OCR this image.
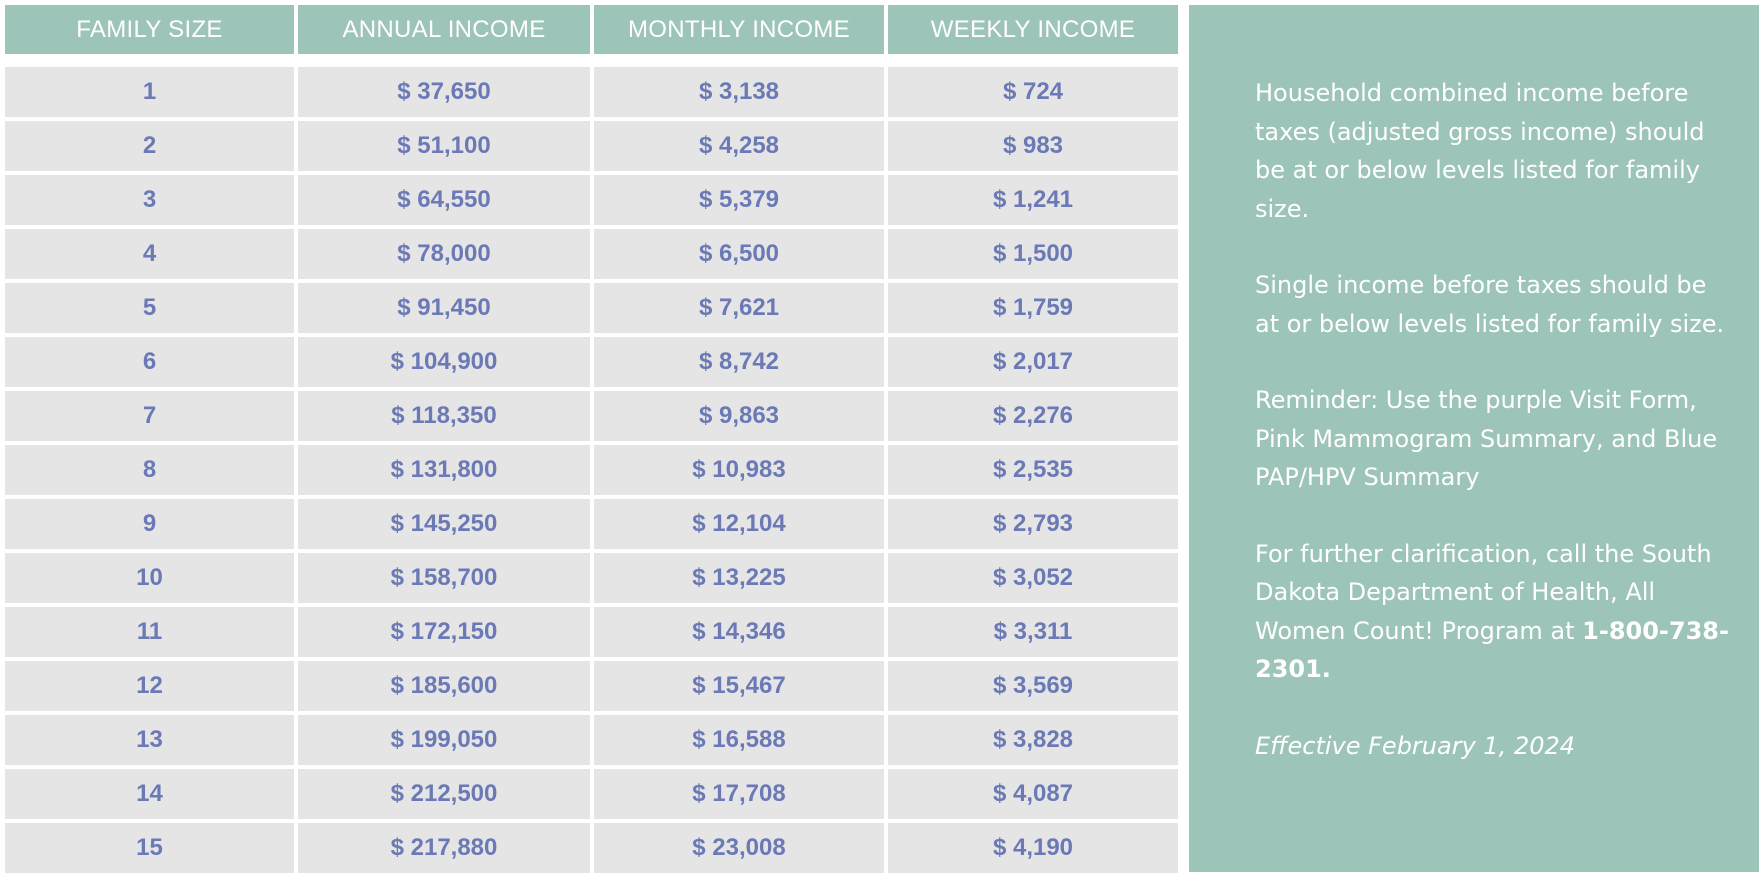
FAMILY SIZE	ANNUAL INCOME	MONTHLY INCOME	WEEKLY INCOME
1	$ 37,650	$ 3,138	$ 724
2	$ 51,100	$ 4,258	$ 983
3	$ 64,550	$ 5,379	$ 1,241
4	$ 78,000	$ 6,500	$ 1,500
5	$ 91,450	$ 7,621	$ 1,759
6	$ 104,900	$ 8,742	$ 2,017
7	$ 118,350	$ 9,863	$ 2,276
8	$ 131,800	$ 10,983	$ 2,535
9	$ 145,250	$ 12,104	$ 2,793
10	$ 158,700	$ 13,225	$ 3,052
11	$ 172,150	$ 14,346	$ 3,311
12	$ 185,600	$ 15,467	$ 3,569
13	$ 199,050	$ 16,588	$ 3,828
14	$ 212,500	$ 17,708	$ 4,087
15	$ 217,880	$ 23,008	$ 4,190

Household combined income before taxes (adjusted gross income) should be at or below levels listed for family size.

Single income before taxes should be at or below levels listed for family size.

Reminder: Use the purple Visit Form, Pink Mammogram Summary, and Blue PAP/HPV Summary

For further clarification, call the South Dakota Department of Health, All Women Count! Program at 1-800-738-2301.

Effective February 1, 2024
